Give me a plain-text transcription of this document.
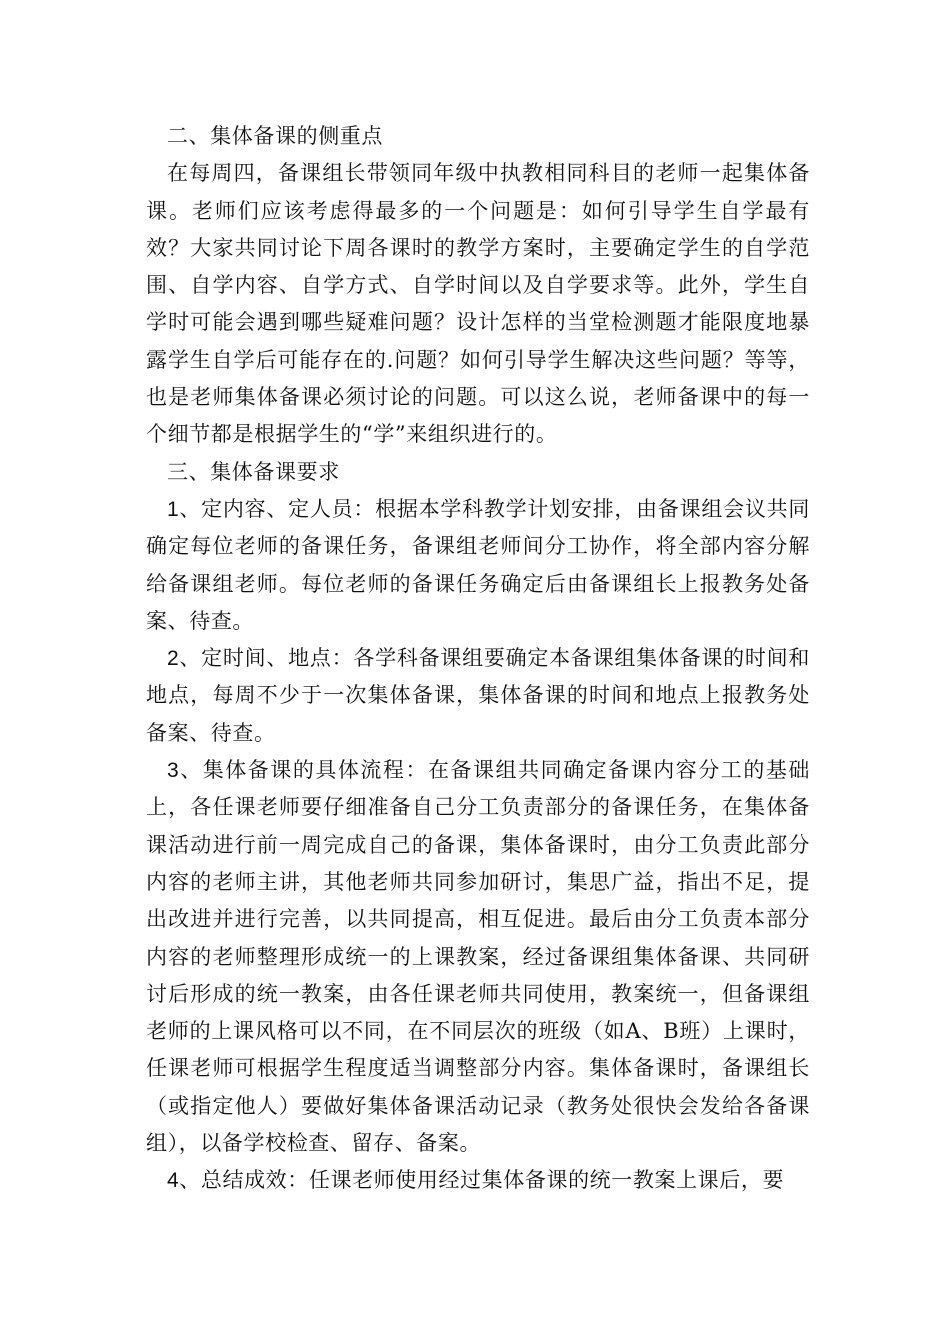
二、集体备课的侧重点

在每周四，备课组长带领同年级中执教相同科目的老师一起集体备课。老师们应该考虑得最多的一个问题是：如何引导学生自学最有效？大家共同讨论下周各课时的教学方案时，主要确定学生的自学范围、自学内容、自学方式、自学时间以及自学要求等。此外，学生自学时可能会遇到哪些疑难问题？设计怎样的当堂检测题才能限度地暴露学生自学后可能存在的.问题？如何引导学生解决这些问题？等等，也是老师集体备课必须讨论的问题。可以这么说，老师备课中的每一个细节都是根据学生的“学”来组织进行的。

三、集体备课要求

1、定内容、定人员：根据本学科教学计划安排，由备课组会议共同确定每位老师的备课任务，备课组老师间分工协作，将全部内容分解给备课组老师。每位老师的备课任务确定后由备课组长上报教务处备案、待查。

2、定时间、地点：各学科备课组要确定本备课组集体备课的时间和地点，每周不少于一次集体备课，集体备课的时间和地点上报教务处备案、待查。

3、集体备课的具体流程：在备课组共同确定备课内容分工的基础上，各任课老师要仔细准备自己分工负责部分的备课任务，在集体备课活动进行前一周完成自己的备课，集体备课时，由分工负责此部分内容的老师主讲，其他老师共同参加研讨，集思广益，指出不足，提出改进并进行完善，以共同提高，相互促进。最后由分工负责本部分内容的老师整理形成统一的上课教案，经过备课组集体备课、共同研讨后形成的统一教案，由各任课老师共同使用，教案统一，但备课组老师的上课风格可以不同，在不同层次的班级（如A、B班）上课时，任课老师可根据学生程度适当调整部分内容。集体备课时，备课组长（或指定他人）要做好集体备课活动记录（教务处很快会发给各备课组），以备学校检查、留存、备案。

4、总结成效：任课老师使用经过集体备课的统一教案上课后，要
